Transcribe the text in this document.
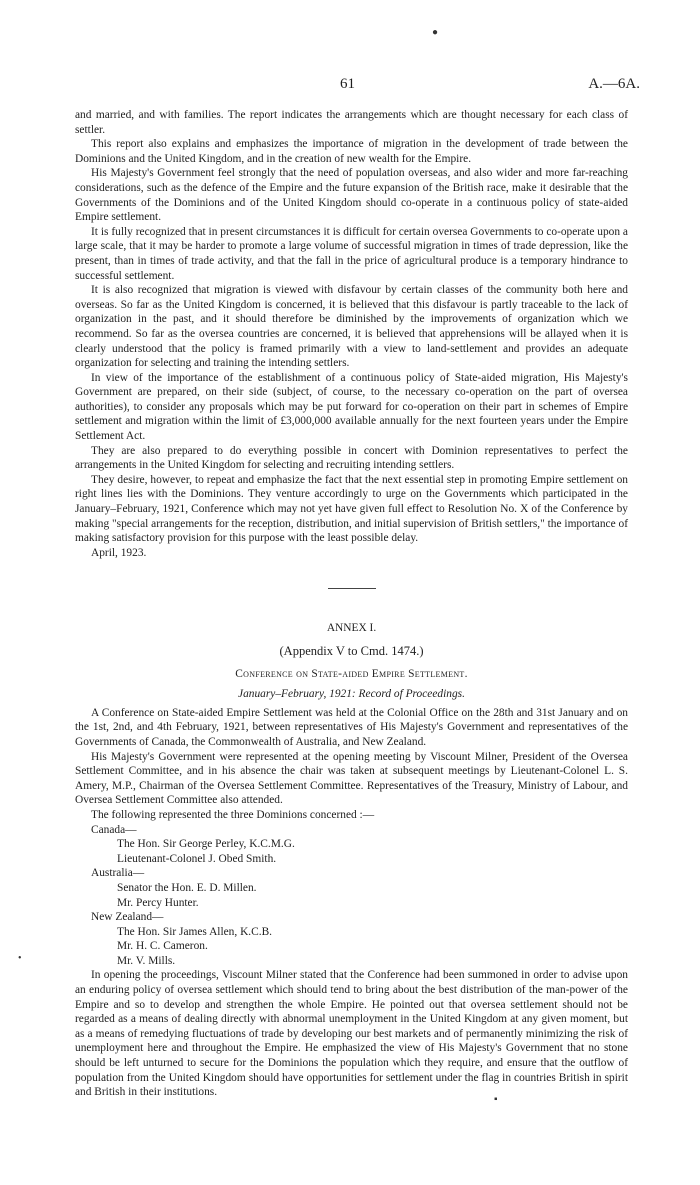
●
61	A.—6A.

and married, and with families. The report indicates the arrangements which are thought necessary for each class of settler.

This report also explains and emphasizes the importance of migration in the development of trade between the Dominions and the United Kingdom, and in the creation of new wealth for the Empire.

His Majesty's Government feel strongly that the need of population overseas, and also wider and more far-reaching considerations, such as the defence of the Empire and the future expansion of the British race, make it desirable that the Governments of the Dominions and of the United Kingdom should co-operate in a continuous policy of state-aided Empire settlement.

It is fully recognized that in present circumstances it is difficult for certain oversea Governments to co-operate upon a large scale, that it may be harder to promote a large volume of successful migration in times of trade depression, like the present, than in times of trade activity, and that the fall in the price of agricultural produce is a temporary hindrance to successful settlement.

It is also recognized that migration is viewed with disfavour by certain classes of the community both here and overseas. So far as the United Kingdom is concerned, it is believed that this disfavour is partly traceable to the lack of organization in the past, and it should therefore be diminished by the improvements of organization which we recommend. So far as the oversea countries are concerned, it is believed that apprehensions will be allayed when it is clearly understood that the policy is framed primarily with a view to land-settlement and provides an adequate organization for selecting and training the intending settlers.

In view of the importance of the establishment of a continuous policy of State-aided migration, His Majesty's Government are prepared, on their side (subject, of course, to the necessary co-operation on the part of oversea authorities), to consider any proposals which may be put forward for co-operation on their part in schemes of Empire settlement and migration within the limit of £3,000,000 available annually for the next fourteen years under the Empire Settlement Act.

They are also prepared to do everything possible in concert with Dominion representatives to perfect the arrangements in the United Kingdom for selecting and recruiting intending settlers.

They desire, however, to repeat and emphasize the fact that the next essential step in promoting Empire settlement on right lines lies with the Dominions. They venture accordingly to urge on the Governments which participated in the January–February, 1921, Conference which may not yet have given full effect to Resolution No. X of the Conference by making "special arrangements for the reception, distribution, and initial supervision of British settlers," the importance of making satisfactory provision for this purpose with the least possible delay.

April, 1923.

ANNEX I.

(Appendix V to Cmd. 1474.)

Conference on State-aided Empire Settlement.

January–February, 1921: Record of Proceedings.

A Conference on State-aided Empire Settlement was held at the Colonial Office on the 28th and 31st January and on the 1st, 2nd, and 4th February, 1921, between representatives of His Majesty's Government and representatives of the Governments of Canada, the Commonwealth of Australia, and New Zealand.

His Majesty's Government were represented at the opening meeting by Viscount Milner, President of the Oversea Settlement Committee, and in his absence the chair was taken at subsequent meetings by Lieutenant-Colonel L. S. Amery, M.P., Chairman of the Oversea Settlement Committee. Representatives of the Treasury, Ministry of Labour, and Oversea Settlement Committee also attended.

The following represented the three Dominions concerned :—

Canada—

The Hon. Sir George Perley, K.C.M.G.

Lieutenant-Colonel J. Obed Smith.

Australia—

Senator the Hon. E. D. Millen.

Mr. Percy Hunter.

New Zealand—

The Hon. Sir James Allen, K.C.B.

Mr. H. C. Cameron.

Mr. V. Mills.

In opening the proceedings, Viscount Milner stated that the Conference had been summoned in order to advise upon an enduring policy of oversea settlement which should tend to bring about the best distribution of the man-power of the Empire and so to develop and strengthen the whole Empire. He pointed out that oversea settlement should not be regarded as a means of dealing directly with abnormal unemployment in the United Kingdom at any given moment, but as a means of remedying fluctuations of trade by developing our best markets and of permanently minimizing the risk of unemployment here and throughout the Empire. He emphasized the view of His Majesty's Government that no stone should be left unturned to secure for the Dominions the population which they require, and ensure that the outflow of population from the United Kingdom should have opportunities for settlement under the flag in countries British in spirit and British in their institutions.

•
▪
